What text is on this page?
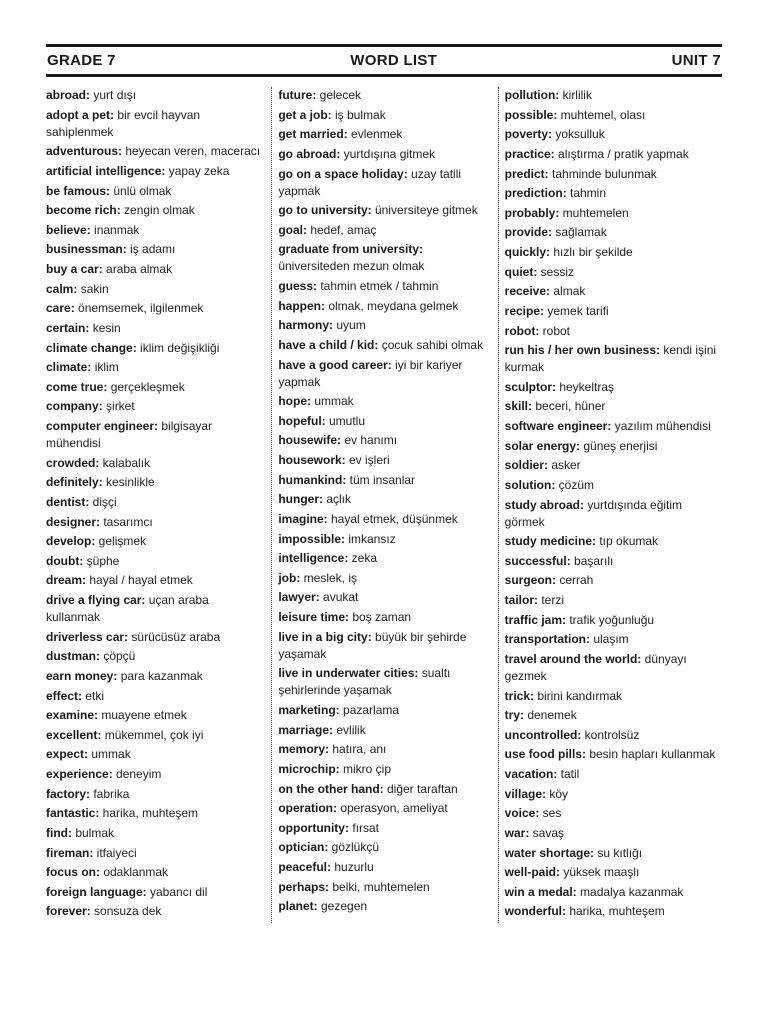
GRADE 7	WORD LIST	UNIT 7
abroad: yurt dışı
adopt a pet: bir evcil hayvan sahiplenmek
adventurous: heyecan veren, maceracı
artificial intelligence: yapay zeka
be famous: ünlü olmak
become rich: zengin olmak
believe: inanmak
businessman: iş adamı
buy a car: araba almak
calm: sakin
care: önemsemek, ilgilenmek
certain: kesin
climate change: iklim değişikliği
climate: iklim
come true: gerçekleşmek
company: şirket
computer engineer: bilgisayar mühendisi
crowded: kalabalık
definitely: kesinlikle
dentist: dişçi
designer: tasarımcı
develop: gelişmek
doubt: şüphe
dream: hayal / hayal etmek
drive a flying car: uçan araba kullanmak
driverless car: sürücüsüz araba
dustman: çöpçü
earn money: para kazanmak
effect: etki
examine: muayene etmek
excellent: mükemmel, çok iyi
expect: ummak
experience: deneyim
factory: fabrika
fantastic: harika, muhteşem
find: bulmak
fireman: itfaiyeci
focus on: odaklanmak
foreign language: yabancı dil
forever: sonsuza dek
future: gelecek
get a job: iş bulmak
get married: evlenmek
go abroad: yurtdışına gitmek
go on a space holiday: uzay tatili yapmak
go to university: üniversiteye gitmek
goal: hedef, amaç
graduate from university: üniversiteden mezun olmak
guess: tahmin etmek / tahmin
happen: olmak, meydana gelmek
harmony: uyum
have a child / kid: çocuk sahibi olmak
have a good career: iyi bir kariyer yapmak
hope: ummak
hopeful: umutlu
housewife: ev hanımı
housework: ev işleri
humankind: tüm insanlar
hunger: açlık
imagine: hayal etmek, düşünmek
impossible: imkansız
intelligence: zeka
job: meslek, iş
lawyer: avukat
leisure time: boş zaman
live in a big city: büyük bir şehirde yaşamak
live in underwater cities: sualtı şehirlerinde yaşamak
marketing: pazarlama
marriage: evlilik
memory: hatıra, anı
microchip: mikro çip
on the other hand: diğer taraftan
operation: operasyon, ameliyat
opportunity: fırsat
optician: gözlükçü
peaceful: huzurlu
perhaps: belki, muhtemelen
planet: gezegen
pollution: kirlilik
possible: muhtemel, olası
poverty: yoksulluk
practice: alıştırma / pratik yapmak
predict: tahminde bulunmak
prediction: tahmin
probably: muhtemelen
provide: sağlamak
quickly: hızlı bir şekilde
quiet: sessiz
receive: almak
recipe: yemek tarifi
robot: robot
run his / her own business: kendi işini kurmak
sculptor: heykeltraş
skill: beceri, hüner
software engineer: yazılım mühendisi
solar energy: güneş enerjisi
soldier: asker
solution: çözüm
study abroad: yurtdışında eğitim görmek
study medicine: tıp okumak
successful: başarılı
surgeon: cerrah
tailor: terzi
traffic jam: trafik yoğunluğu
transportation: ulaşım
travel around the world: dünyayı gezmek
trick: birini kandırmak
try: denemek
uncontrolled: kontrolsüz
use food pills: besin hapları kullanmak
vacation: tatil
village: köy
voice: ses
war: savaş
water shortage: su kıtlığı
well-paid: yüksek maaşlı
win a medal: madalya kazanmak
wonderful: harika, muhteşem
